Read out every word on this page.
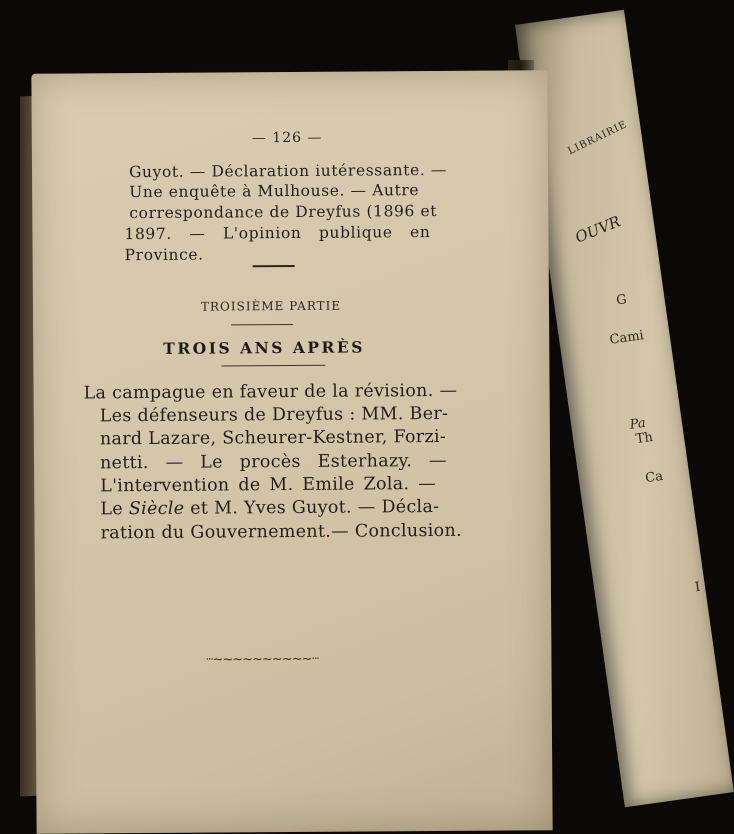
LIBRAIRIE
OUVR
G
Cami
Pa
Th
Ca
I
— 126 —
Guyot. — Déclaration iutéressante. —
Une enquête à Mulhouse. — Autre
correspondance de Dreyfus (1896 et
1897. — L'opinion publique en
Province.
TROISIÈME PARTIE
TROIS ANS APRÈS
La campague en faveur de la révision. —
Les défenseurs de Dreyfus : MM. Ber-
nard Lazare, Scheurer-Kestner, Forzi-
netti. — Le procès Esterhazy. —
L'intervention de M. Emile Zola. —
Le Siècle et M. Yves Guyot. — Décla-
ration du Gouvernement.— Conclusion.
ᐧᐧᐧ~~~~~~~~~~ᐧᐧᐧ
